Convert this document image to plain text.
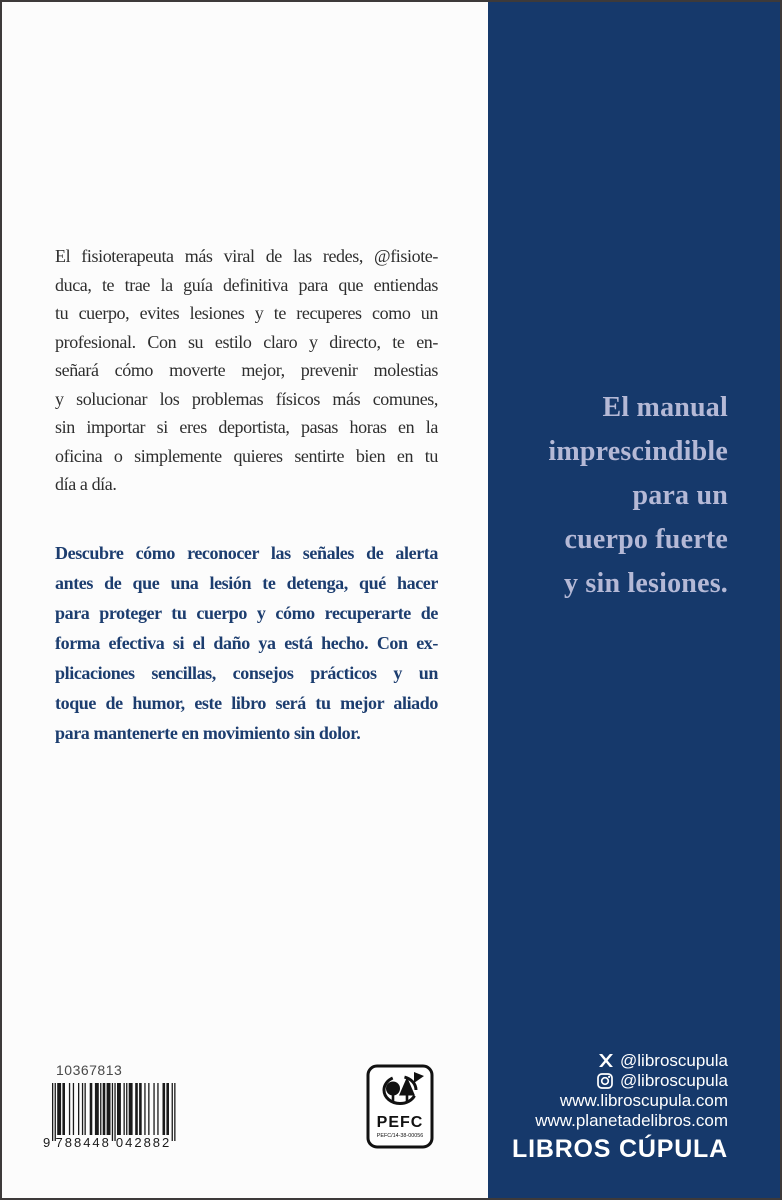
El fisioterapeuta más viral de las redes, @fisiote-
duca, te trae la guía definitiva para que entiendas
tu cuerpo, evites lesiones y te recuperes como un
profesional. Con su estilo claro y directo, te en-
señará cómo moverte mejor, prevenir molestias
y solucionar los problemas físicos más comunes,
sin importar si eres deportista, pasas horas en la
oficina o simplemente quieres sentirte bien en tu
día a día.
Descubre cómo reconocer las señales de alerta
antes de que una lesión te detenga, qué hacer
para proteger tu cuerpo y cómo recuperarte de
forma efectiva si el daño ya está hecho. Con ex-
plicaciones sencillas, consejos prácticos y un
toque de humor, este libro será tu mejor aliado
para mantenerte en movimiento sin dolor.
El manual
imprescindible
para un
cuerpo fuerte
y sin lesiones.
@libroscupula
@libroscupula
www.libroscupula.com
www.planetadelibros.com
LIBROS CÚPULA
10367813
9 788448 042882
PEFC
PEFC/14-38-00056
